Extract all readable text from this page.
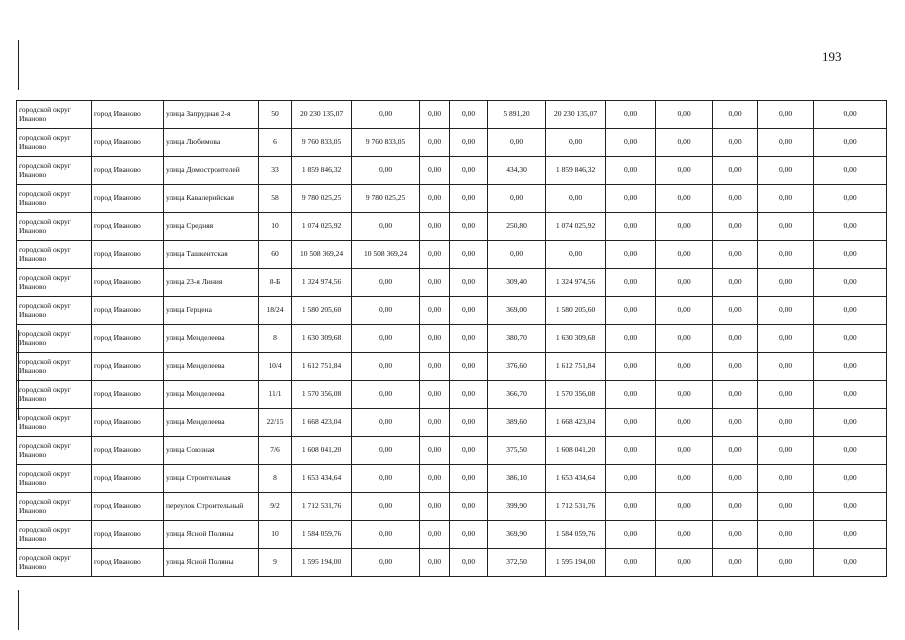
193
городской округ Иваново	город Иваново	улица Запрудная 2-я	50	20 230 135,07	0,00	0,00	0,00	5 891,20	20 230 135,07	0,00	0,00	0,00	0,00	0,00
городской округ Иваново	город Иваново	улица Любимова	6	9 760 833,05	9 760 833,05	0,00	0,00	0,00	0,00	0,00	0,00	0,00	0,00	0,00
городской округ Иваново	город Иваново	улица Домостроителей	33	1 859 846,32	0,00	0,00	0,00	434,30	1 859 846,32	0,00	0,00	0,00	0,00	0,00
городской округ Иваново	город Иваново	улица Кавалерийская	58	9 780 025,25	9 780 025,25	0,00	0,00	0,00	0,00	0,00	0,00	0,00	0,00	0,00
городской округ Иваново	город Иваново	улица Средняя	10	1 074 025,92	0,00	0,00	0,00	250,80	1 074 025,92	0,00	0,00	0,00	0,00	0,00
городской округ Иваново	город Иваново	улица Ташкентская	60	10 508 369,24	10 508 369,24	0,00	0,00	0,00	0,00	0,00	0,00	0,00	0,00	0,00
городской округ Иваново	город Иваново	улица 23-я Линия	8-Б	1 324 974,56	0,00	0,00	0,00	309,40	1 324 974,56	0,00	0,00	0,00	0,00	0,00
городской округ Иваново	город Иваново	улица Герцена	18/24	1 580 205,60	0,00	0,00	0,00	369,00	1 580 205,60	0,00	0,00	0,00	0,00	0,00
городской округ Иваново	город Иваново	улица Менделеева	8	1 630 309,68	0,00	0,00	0,00	380,70	1 630 309,68	0,00	0,00	0,00	0,00	0,00
городской округ Иваново	город Иваново	улица Менделеева	10/4	1 612 751,84	0,00	0,00	0,00	376,60	1 612 751,84	0,00	0,00	0,00	0,00	0,00
городской округ Иваново	город Иваново	улица Менделеева	11/1	1 570 356,08	0,00	0,00	0,00	366,70	1 570 356,08	0,00	0,00	0,00	0,00	0,00
городской округ Иваново	город Иваново	улица Менделеева	22/15	1 668 423,04	0,00	0,00	0,00	389,60	1 668 423,04	0,00	0,00	0,00	0,00	0,00
городской округ Иваново	город Иваново	улица Союзная	7/6	1 608 041,20	0,00	0,00	0,00	375,50	1 608 041,20	0,00	0,00	0,00	0,00	0,00
городской округ Иваново	город Иваново	улица Строительная	8	1 653 434,64	0,00	0,00	0,00	386,10	1 653 434,64	0,00	0,00	0,00	0,00	0,00
городской округ Иваново	город Иваново	переулок Строительный	9/2	1 712 531,76	0,00	0,00	0,00	399,90	1 712 531,76	0,00	0,00	0,00	0,00	0,00
городской округ Иваново	город Иваново	улица Ясной Поляны	10	1 584 059,76	0,00	0,00	0,00	369,90	1 584 059,76	0,00	0,00	0,00	0,00	0,00
городской округ Иваново	город Иваново	улица Ясной Поляны	9	1 595 194,00	0,00	0,00	0,00	372,50	1 595 194,00	0,00	0,00	0,00	0,00	0,00
